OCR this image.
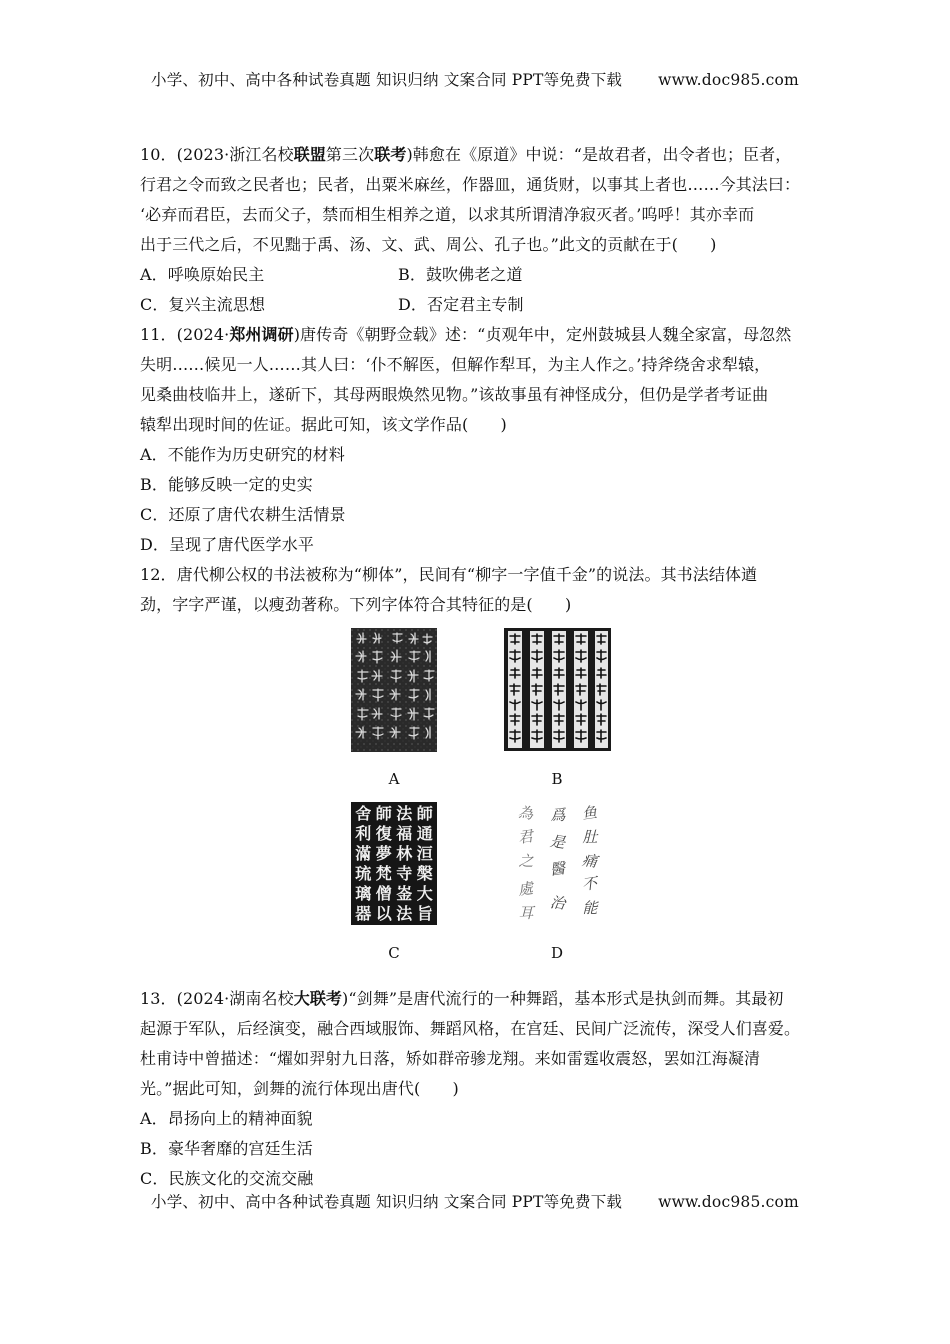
小学、初中、高中各种试卷真题 知识归纳 文案合同 PPT等免费下载 www.doc985.com

10．(2023·浙江名校联盟第三次联考)韩愈在《原道》中说：“是故君者，出令者也；臣者，

行君之令而致之民者也；民者，出粟米麻丝，作器皿，通货财，以事其上者也……今其法曰：

‘必弃而君臣，去而父子，禁而相生相养之道，以求其所谓清净寂灭者。’呜呼！其亦幸而

出于三代之后，不见黜于禹、汤、文、武、周公、孔子也。”此文的贡献在于(　　)

A．呼唤原始民主	B．鼓吹佛老之道

C．复兴主流思想	D．否定君主专制

11．(2024·郑州调研)唐传奇《朝野佥载》述：“贞观年中，定州鼓城县人魏全家富，母忽然

失明……候见一人……其人曰：‘仆不解医，但解作犁耳，为主人作之。’持斧绕舍求犁辕，

见桑曲枝临井上，遂斫下，其母两眼焕然见物。”该故事虽有神怪成分，但仍是学者考证曲

辕犁出现时间的佐证。据此可知，该文学作品(　　)

A．不能作为历史研究的材料

B．能够反映一定的史实

C．还原了唐代农耕生活情景

D．呈现了唐代医学水平

12．唐代柳公权的书法被称为“柳体”，民间有“柳字一字值千金”的说法。其书法结体遒

劲，字字严谨，以瘦劲著称。下列字体符合其特征的是(　　)

A	B
師
通
洹
槃
大
旨
法
福
林
寺
崟
法
師
復
夢
梵
僧
以
舍
利
滿
琉
璃
器
C
鱼
肚
痛
不
能
爲
是
醫
治
為
君
之
處
耳
D

13．(2024·湖南名校大联考)“剑舞”是唐代流行的一种舞蹈，基本形式是执剑而舞。其最初

起源于军队，后经演变，融合西域服饰、舞蹈风格，在宫廷、民间广泛流传，深受人们喜爱。

杜甫诗中曾描述：“燿如羿射九日落，矫如群帝骖龙翔。来如雷霆收震怒，罢如江海凝清

光。”据此可知，剑舞的流行体现出唐代(　　)

A．昂扬向上的精神面貌

B．豪华奢靡的宫廷生活

C．民族文化的交流交融

小学、初中、高中各种试卷真题 知识归纳 文案合同 PPT等免费下载 www.doc985.com
